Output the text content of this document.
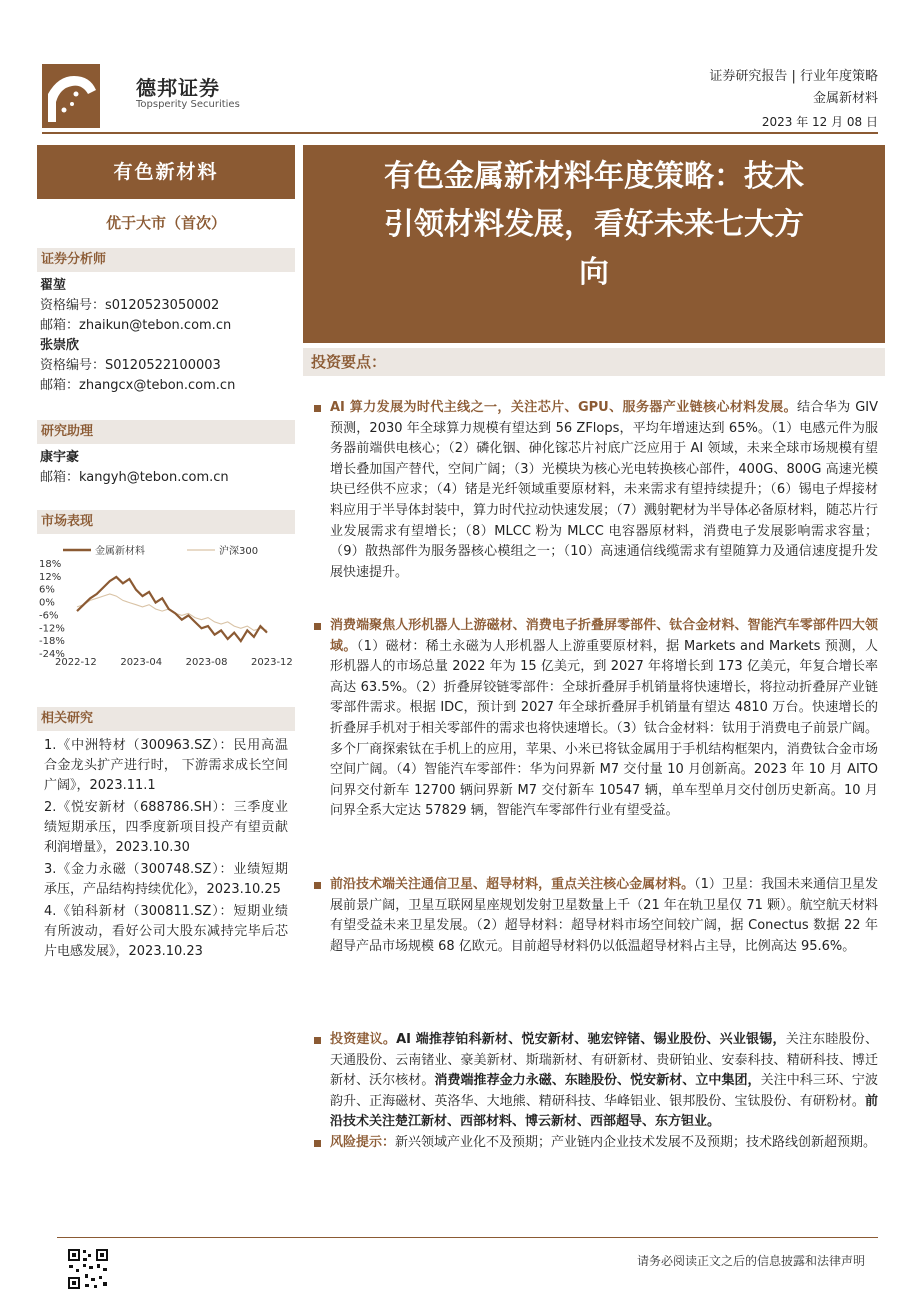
德邦证券
Topsperity Securities
证券研究报告 | 行业年度策略
金属新材料
2023 年 12 月 08 日
有色新材料
优于大市（首次）
证券分析师
翟堃
资格编号：s0120523050002
邮箱：zhaikun@tebon.com.cn
张崇欣
资格编号：S0120522100003
邮箱：zhangcx@tebon.com.cn
研究助理
康宇豪
邮箱：kangyh@tebon.com.cn
市场表现
金属新材料	沪深300
18%
12%
6%
0%
-6%
-12%
-18%
-24%
2022-12 2023-04 2023-08 2023-12
相关研究
1.《中洲特材（300963.SZ）：民用高温合金龙头扩产进行时， 下游需求成长空间广阔》，2023.11.1
2.《悦安新材（688786.SH）：三季度业绩短期承压，四季度新项目投产有望贡献利润增量》，2023.10.30
3.《金力永磁（300748.SZ）：业绩短期承压，产品结构持续优化》，2023.10.25
4.《铂科新材（300811.SZ）：短期业绩有所波动，看好公司大股东减持完毕后芯片电感发展》，2023.10.23
有色金属新材料年度策略：技术
引领材料发展，看好未来七大方
向
投资要点：
AI 算力发展为时代主线之一，关注芯片、GPU、服务器产业链核心材料发展。结合华为 GIV 预测，2030 年全球算力规模有望达到 56 ZFlops，平均年增速达到 65%。（1）电感元件为服务器前端供电核心；（2）磷化铟、砷化镓芯片衬底广泛应用于 AI 领域，未来全球市场规模有望增长叠加国产替代，空间广阔；（3）光模块为核心光电转换核心部件，400G、800G 高速光模块已经供不应求；（4）锗是光纤领域重要原材料，未来需求有望持续提升；（6）锡电子焊接材料应用于半导体封装中，算力时代拉动快速发展；（7）溅射靶材为半导体必备原材料，随芯片行业发展需求有望增长；（8）MLCC 粉为 MLCC 电容器原材料，消费电子发展影响需求容量；（9）散热部件为服务器核心模组之一；（10）高速通信线缆需求有望随算力及通信速度提升发展快速提升。
消费端聚焦人形机器人上游磁材、消费电子折叠屏零部件、钛合金材料、智能汽车零部件四大领域。（1）磁材：稀土永磁为人形机器人上游重要原材料，据 Markets and Markets 预测，人形机器人的市场总量 2022 年为 15 亿美元，到 2027 年将增长到 173 亿美元，年复合增长率高达 63.5%。（2）折叠屏铰链零部件：全球折叠屏手机销量将快速增长，将拉动折叠屏产业链零部件需求。根据 IDC，预计到 2027 年全球折叠屏手机销量有望达 4810 万台。快速增长的折叠屏手机对于相关零部件的需求也将快速增长。（3）钛合金材料：钛用于消费电子前景广阔。多个厂商探索钛在手机上的应用，苹果、小米已将钛金属用于手机结构框架内，消费钛合金市场空间广阔。（4）智能汽车零部件：华为问界新 M7 交付量 10 月创新高。2023 年 10 月 AITO 问界交付新车 12700 辆问界新 M7 交付新车 10547 辆，单车型单月交付创历史新高。10 月问界全系大定达 57829 辆，智能汽车零部件行业有望受益。
前沿技术端关注通信卫星、超导材料，重点关注核心金属材料。（1）卫星：我国未来通信卫星发展前景广阔，卫星互联网星座规划发射卫星数量上千（21 年在轨卫星仅 71 颗）。航空航天材料有望受益未来卫星发展。（2）超导材料：超导材料市场空间较广阔，据 Conectus 数据 22 年超导产品市场规模 68 亿欧元。目前超导材料仍以低温超导材料占主导，比例高达 95.6%。
投资建议。AI 端推荐铂科新材、悦安新材、驰宏锌锗、锡业股份、兴业银锡，关注东睦股份、天通股份、云南锗业、豪美新材、斯瑞新材、有研新材、贵研铂业、安泰科技、精研科技、博迁新材、沃尔核材。消费端推荐金力永磁、东睦股份、悦安新材、立中集团，关注中科三环、宁波韵升、正海磁材、英洛华、大地熊、精研科技、华峰铝业、银邦股份、宝钛股份、有研粉材。前沿技术关注楚江新材、西部材料、博云新材、西部超导、东方钽业。
风险提示：新兴领域产业化不及预期；产业链内企业技术发展不及预期；技术路线创新超预期。
请务必阅读正文之后的信息披露和法律声明
